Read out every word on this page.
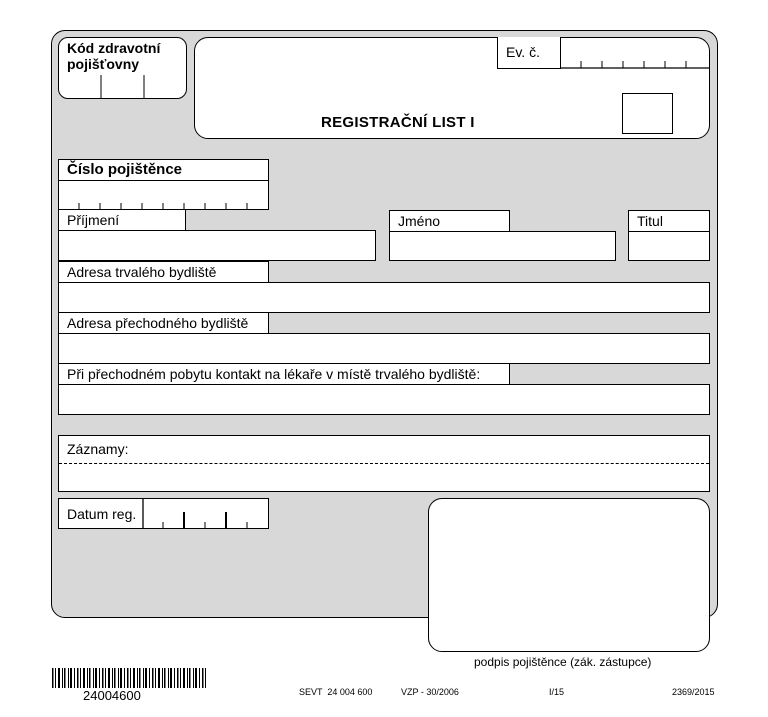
Kód zdravotní pojišťovny
Ev. č.
REGISTRAČNÍ LIST I
Číslo pojištěnce
Příjmení	Jméno	Titul
Adresa trvalého bydliště
Adresa přechodného bydliště
Při přechodném pobytu kontakt na lékaře v místě trvalého bydliště:
Záznamy:
Datum reg.
podpis pojištěnce (zák. zástupce)
24004600	SEVT  24 004 600	VZP - 30/2006	I/15	2369/2015
